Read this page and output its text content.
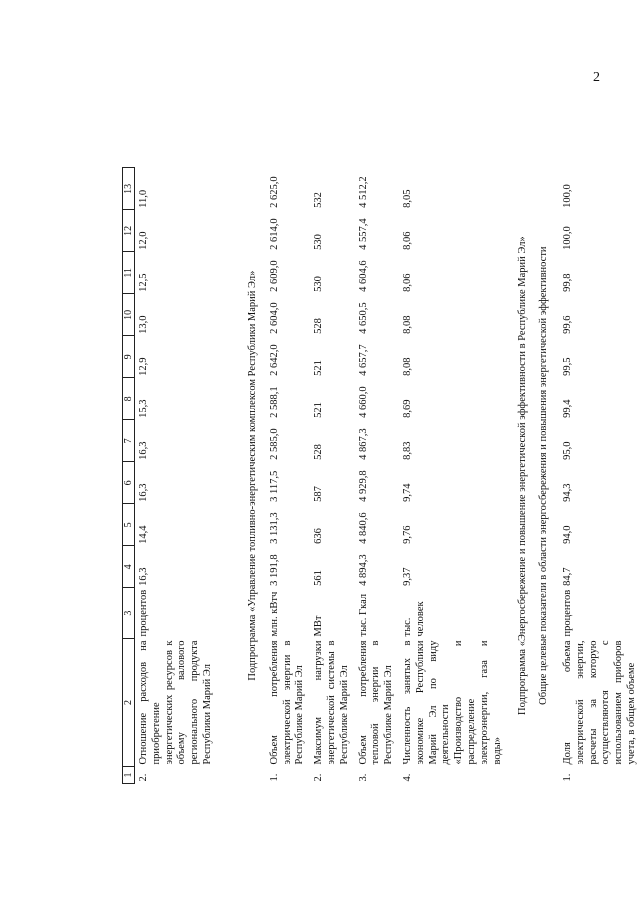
2
1	2	3	4	5	6	7	8	9	10	11	12	13
2.	Отношение расходов на приобретение энергетических ресурсов к объему валового регионального продукта Республики Марий Эл	процентов	16,3	14,4	16,3	16,3	15,3	12,9	13,0	12,5	12,0	11,0
Подпрограмма «Управление топливно-энергетическим комплексом Республики Марий Эл»												
1.	Объем потребления электрической энергии в Республике Марий Эл	млн. кВтч	3 191,8	3 131,3	3 117,5	2 585,0	2 588,1	2 642,0	2 604,0	2 609,0	2 614,0	2 625,0
2.	Максимум нагрузки энергетической системы в Республике Марий Эл	МВт	561	636	587	528	521	521	528	530	530	532
3.	Объем потребления тепловой энергии в Республике Марий Эл	тыс. Гкал	4 894,3	4 840,6	4 929,8	4 867,3	4 660,0	4 657,7	4 650,5	4 604,6	4 557,4	4 512,2
4.	Численность занятых в экономике Республики Марий Эл по виду деятельности «Производство и распределение электроэнергии, газа и воды»	тыс. человек	9,37	9,76	9,74	8,83	8,69	8,08	8,08	8,06	8,06	8,05
Подпрограмма «Энергосбережение и повышение энергетической эффективности в Республике Марий Эл»												
Общие целевые показатели в области энергосбережения и повышения энергетической эффективности												
1.	Доля объема электрической энергии, расчеты за которую осуществляются с использованием приборов учета, в общем объеме	процентов	84,7	94,0	94,3	95,0	99,4	99,5	99,6	99,8	100,0	100,0
